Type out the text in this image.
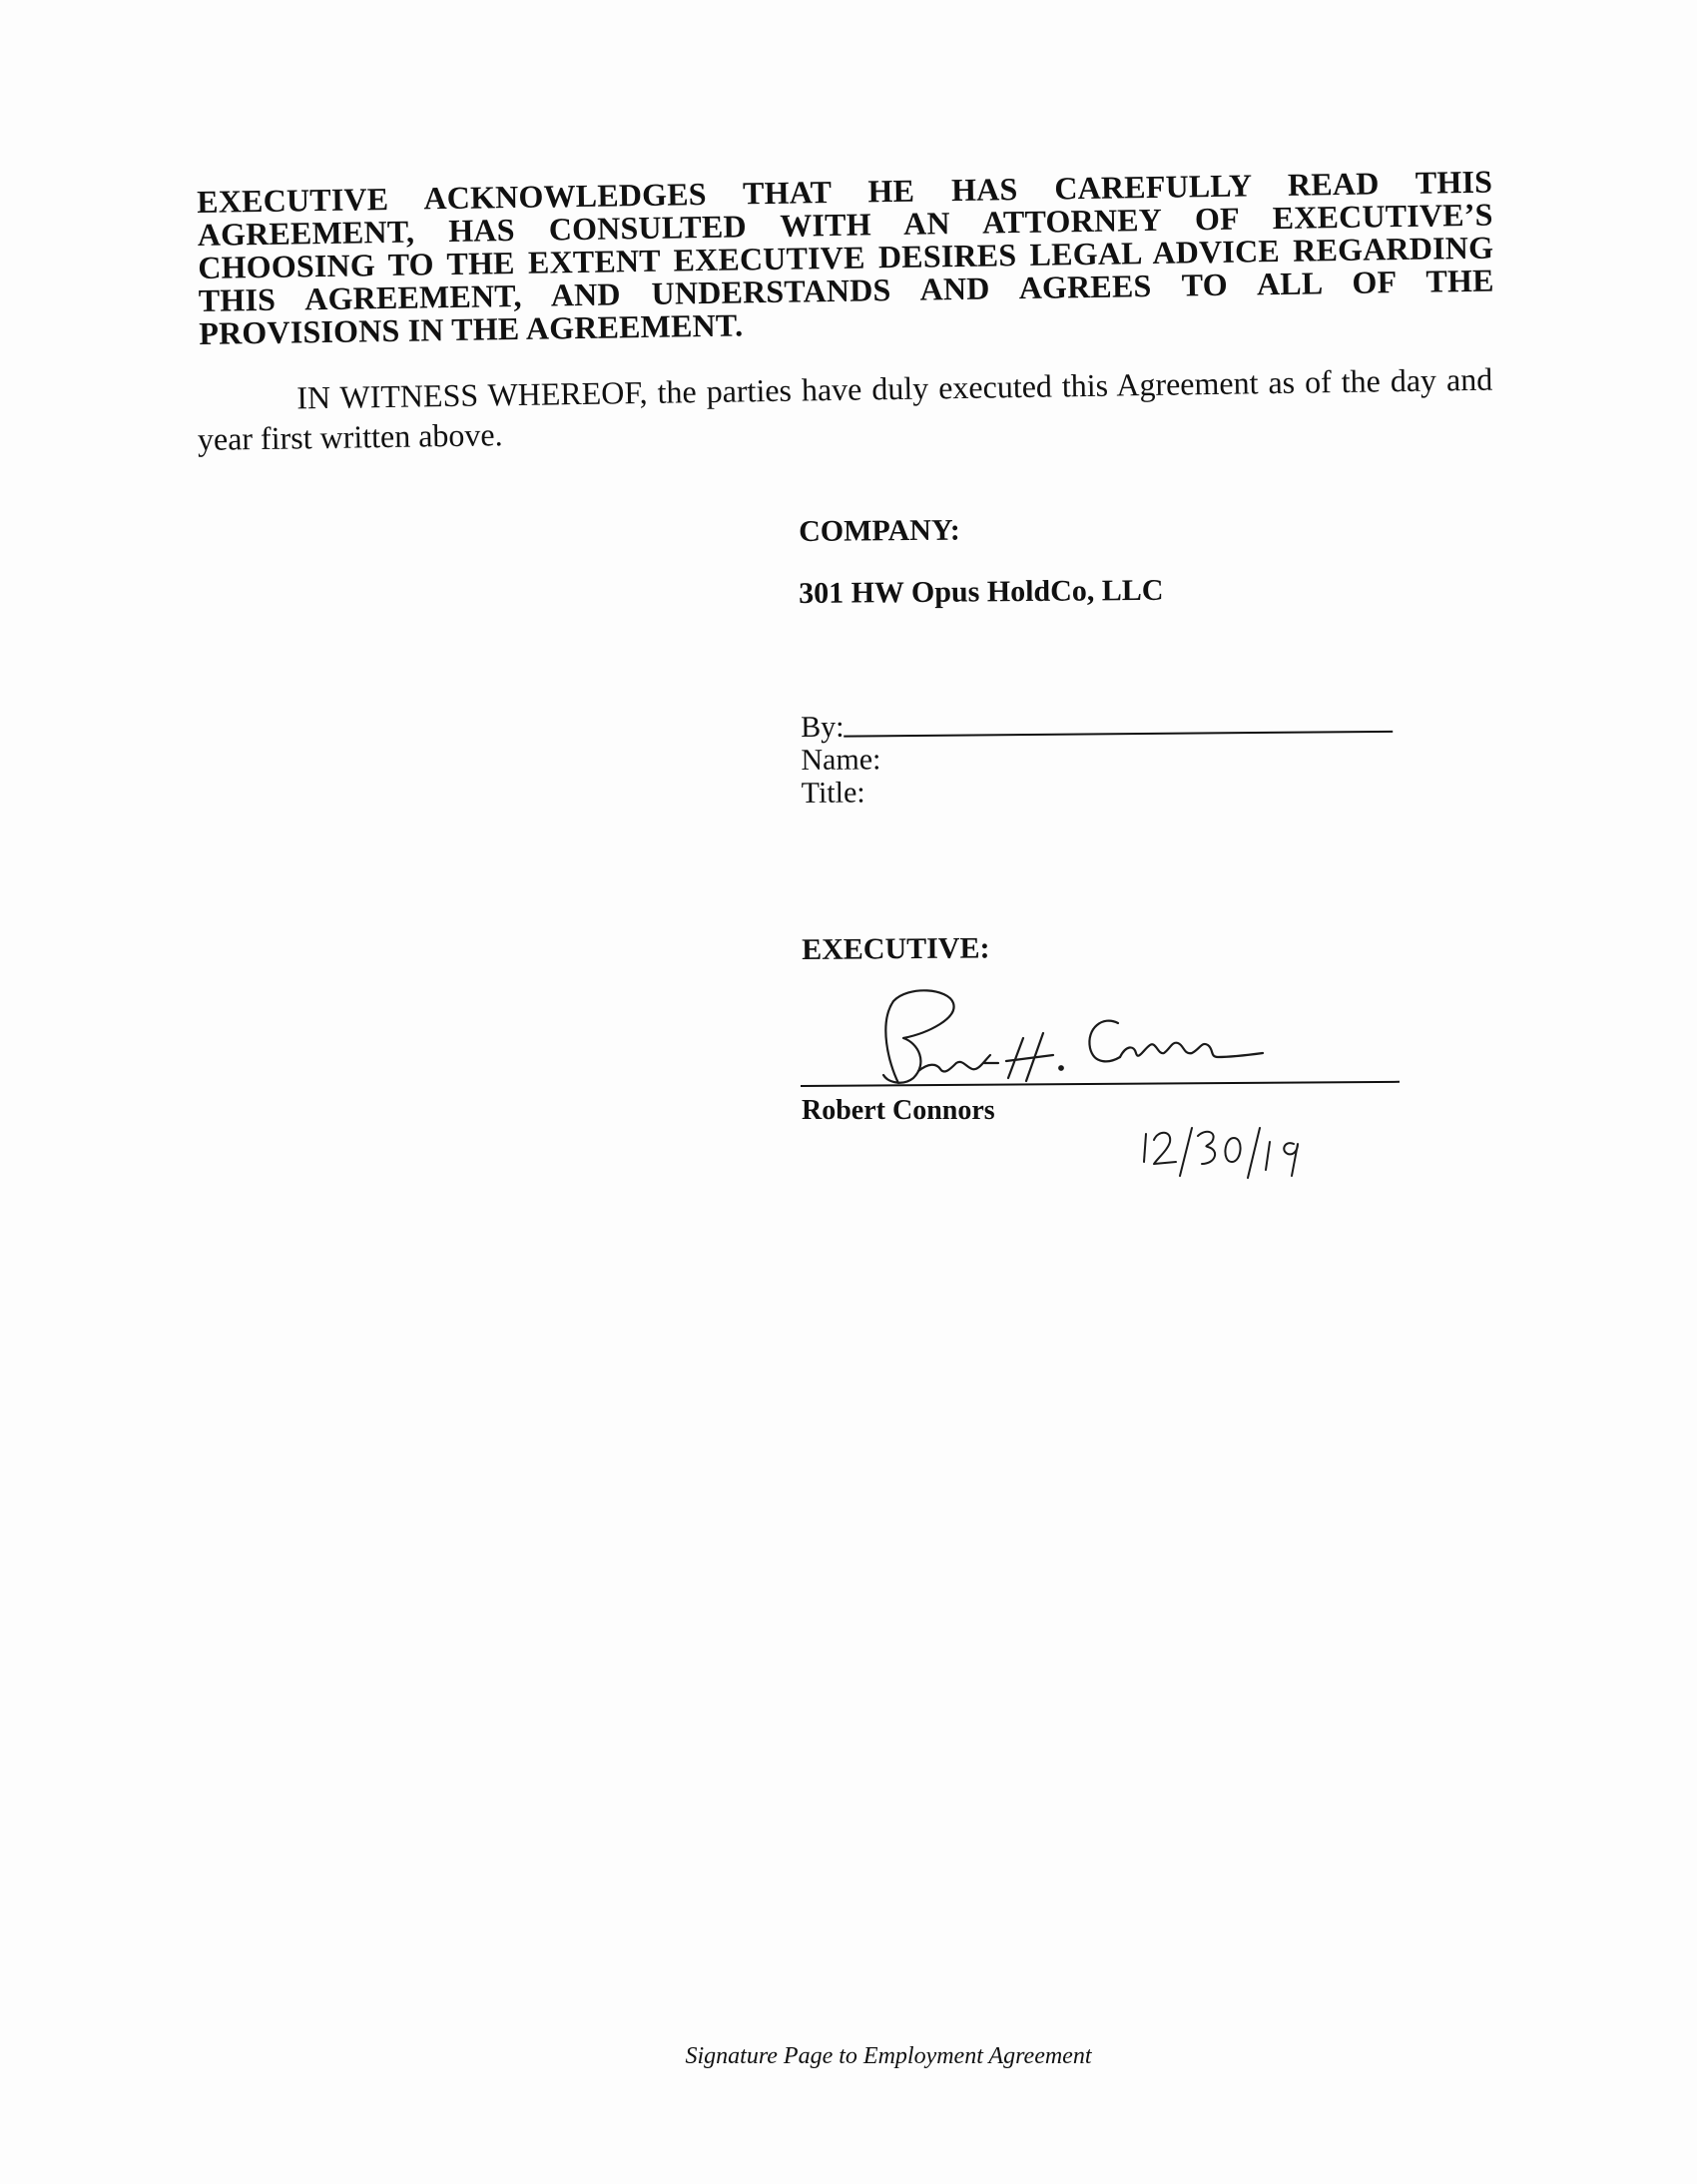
EXECUTIVE ACKNOWLEDGES THAT HE HAS CAREFULLY READ THIS AGREEMENT, HAS CONSULTED WITH AN ATTORNEY OF EXECUTIVE’S CHOOSING TO THE EXTENT EXECUTIVE DESIRES LEGAL ADVICE REGARDING THIS AGREEMENT, AND UNDERSTANDS AND AGREES TO ALL OF THE PROVISIONS IN THE AGREEMENT.
IN WITNESS WHEREOF, the parties have duly executed this Agreement as of the day and year first written above.
COMPANY:
301 HW Opus HoldCo, LLC
By:
Name:
Title:
EXECUTIVE:
Robert Connors
Signature Page to Employment Agreement
